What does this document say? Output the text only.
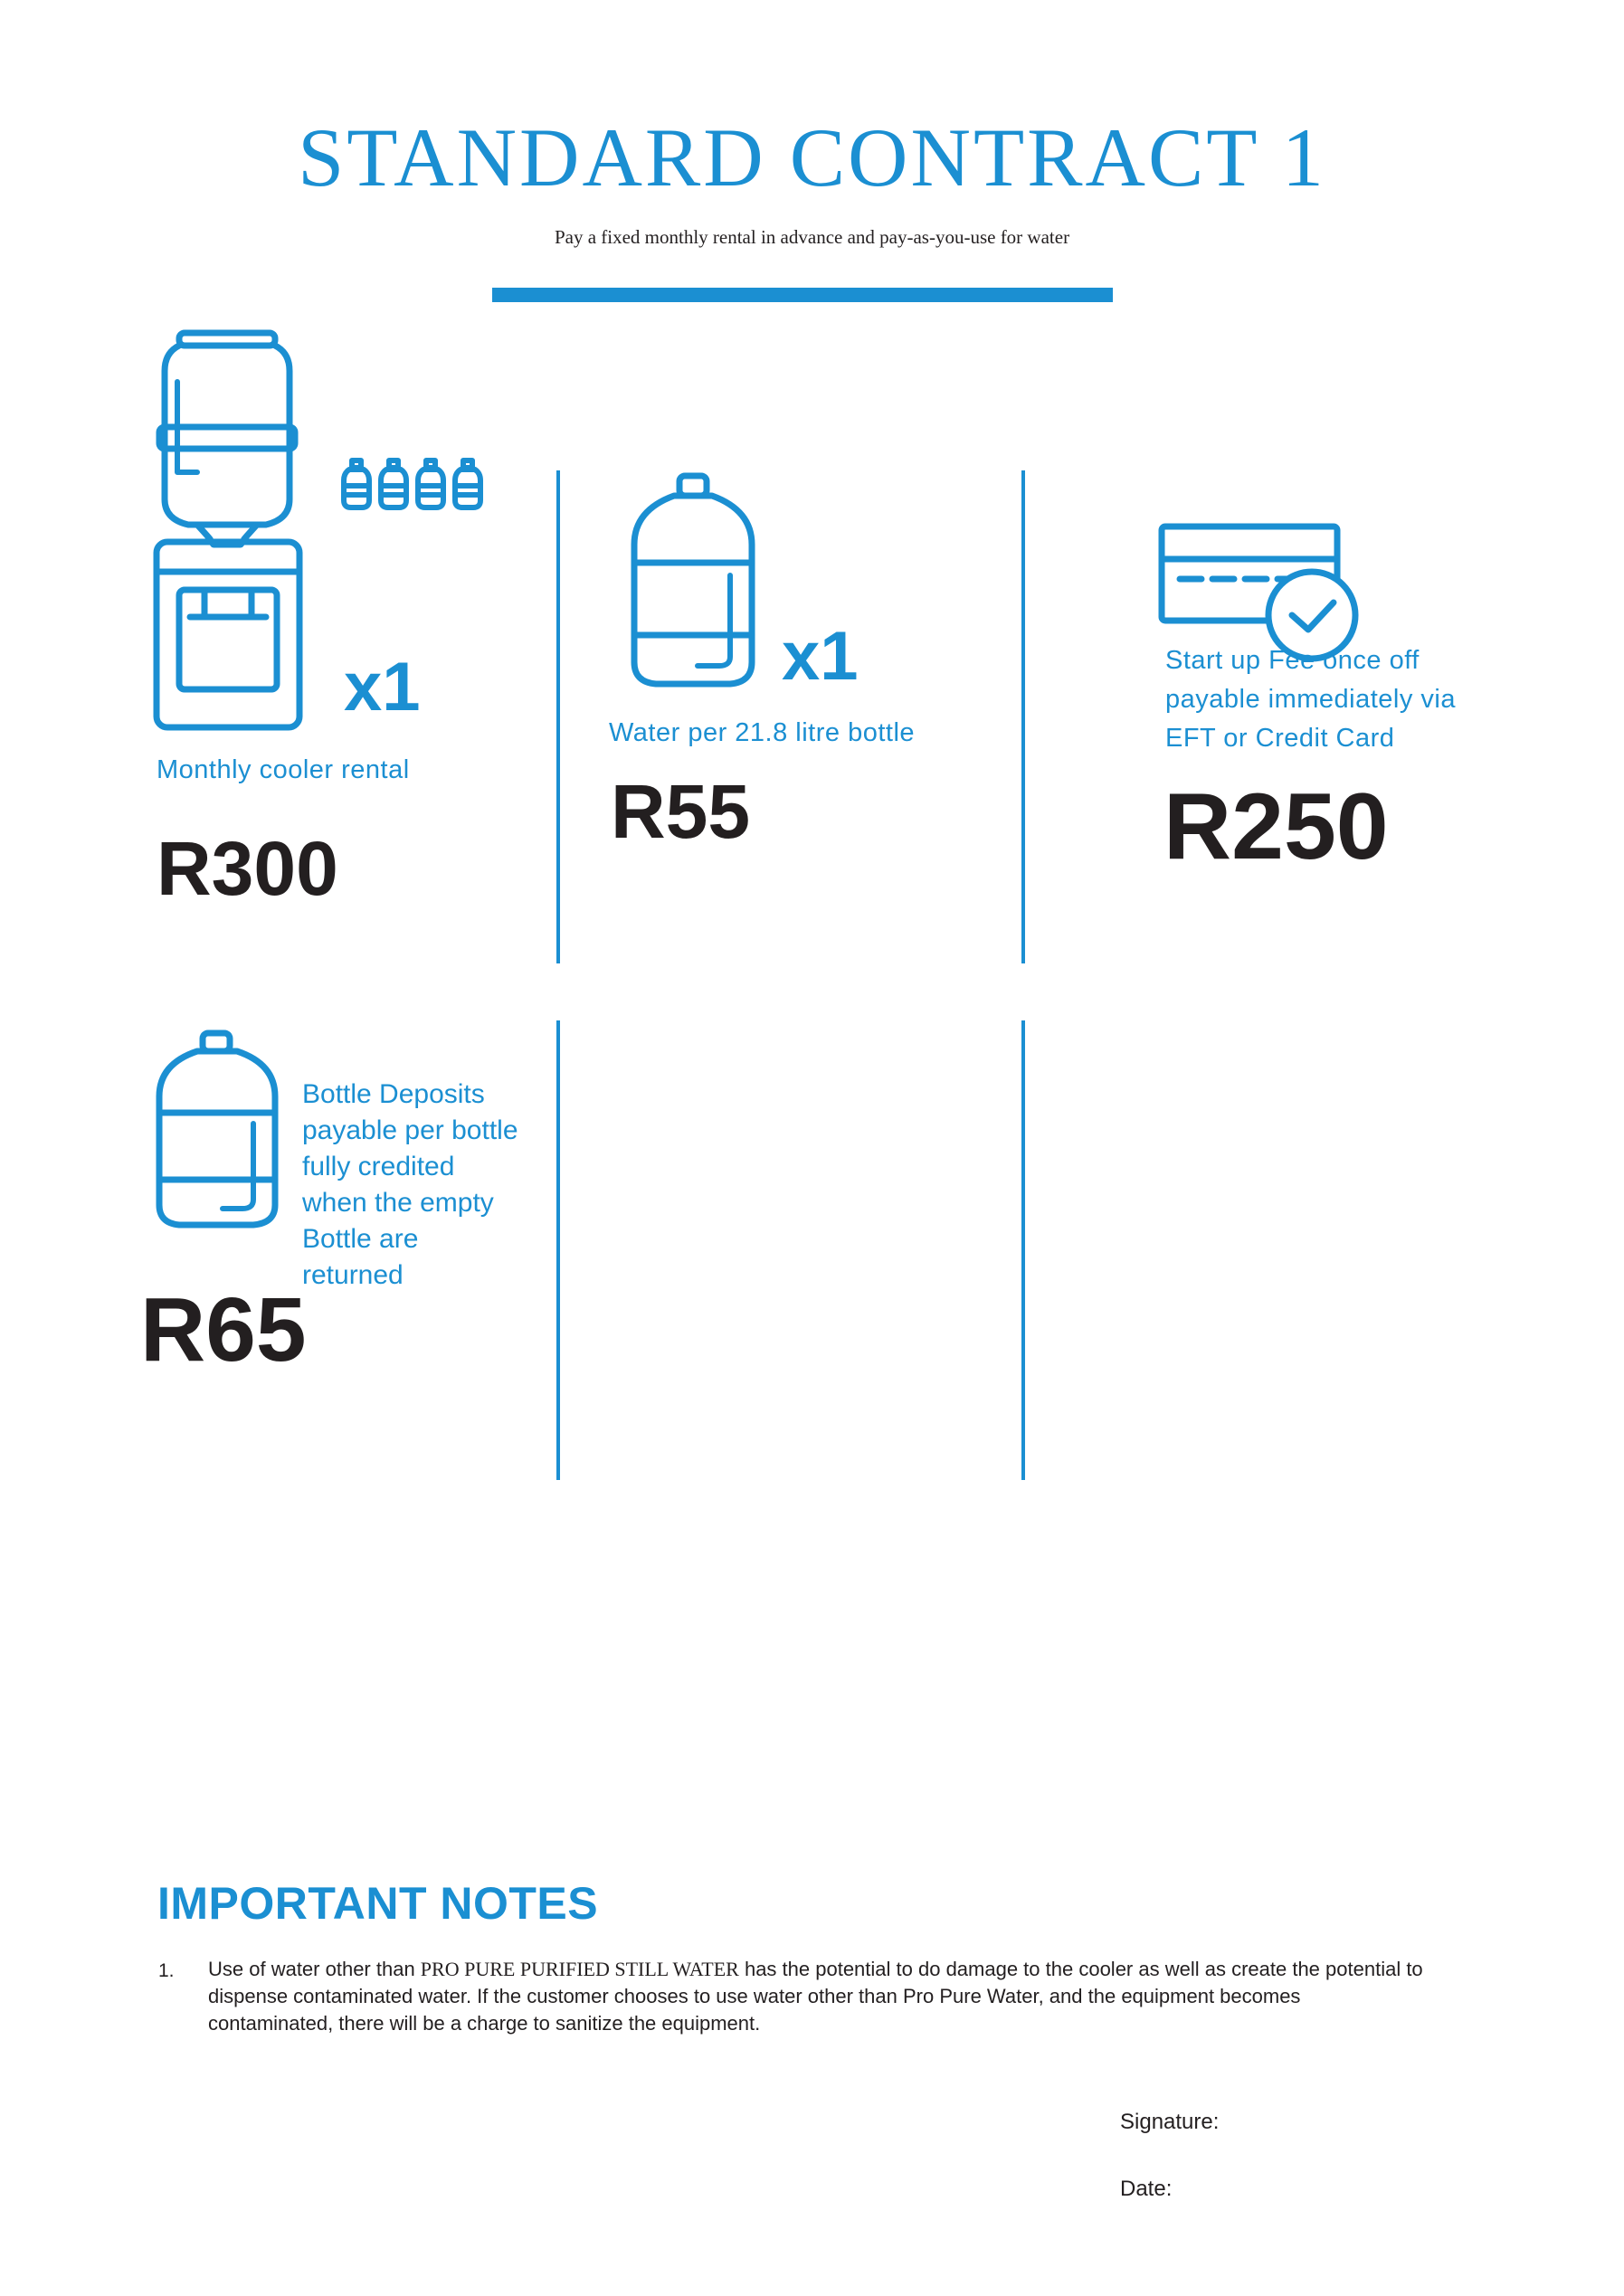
STANDARD CONTRACT 1
Pay a fixed monthly rental in advance and pay-as-you-use for water
x1
Monthly cooler rental
R300
x1
Water per 21.8 litre bottle
R55
Start up Fee once off
payable immediately via
EFT or Credit Card
R250
Bottle Deposits
payable per bottle
fully credited
when the empty
Bottle are
returned
R65
IMPORTANT NOTES
1. Use of water other than PRO PURE PURIFIED STILL WATER has the potential to do damage to the cooler as well as create the potential to dispense contaminated water. If the customer chooses to use water other than Pro Pure Water, and the equipment becomes contaminated, there will be a charge to sanitize the equipment.
Signature:
Date:
